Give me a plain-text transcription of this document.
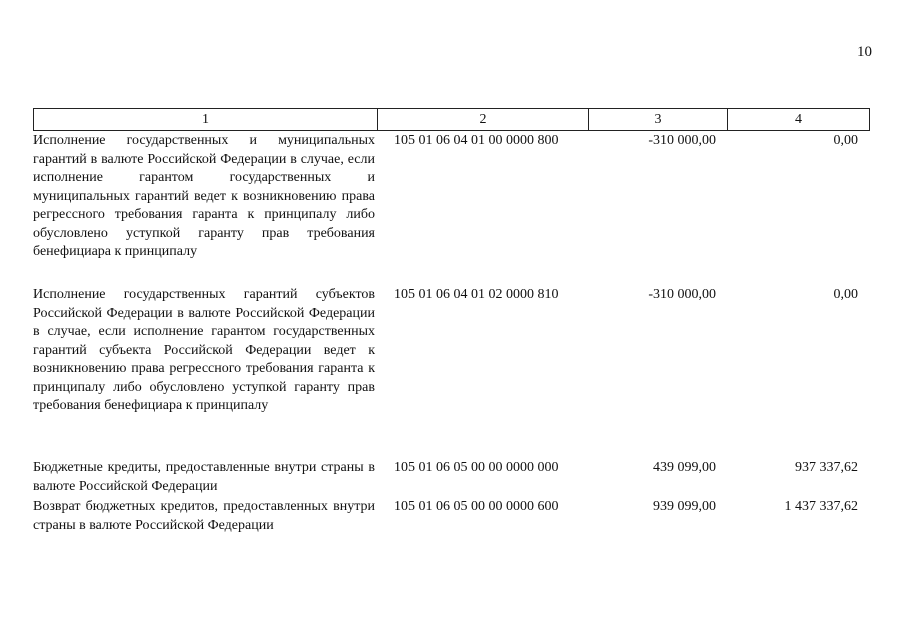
10
1	2	3	4
Исполнение государственных и муниципальных гарантий в валюте Российской Федерации в случае, если исполнение гарантом государственных и муниципальных гарантий ведет к возникновению права регрессного требования гаранта к принципалу либо обусловлено уступкой гаранту прав требования бенефициара к принципалу
105 01 06 04 01 00 0000 800	-310 000,00	0,00
Исполнение государственных гарантий субъектов Российской Федерации в валюте Российской Федерации в случае, если исполнение гарантом государственных гарантий субъекта Российской Федерации ведет к возникновению права регрессного требования гаранта к принципалу либо обусловлено уступкой гаранту прав требования бенефициара к принципалу
105 01 06 04 01 02 0000 810	-310 000,00	0,00
Бюджетные кредиты, предоставленные внутри страны в валюте Российской Федерации
105 01 06 05 00 00 0000 000	439 099,00	937 337,62
Возврат бюджетных кредитов, предоставленных внутри страны в валюте Российской Федерации
105 01 06 05 00 00 0000 600	939 099,00	1 437 337,62
